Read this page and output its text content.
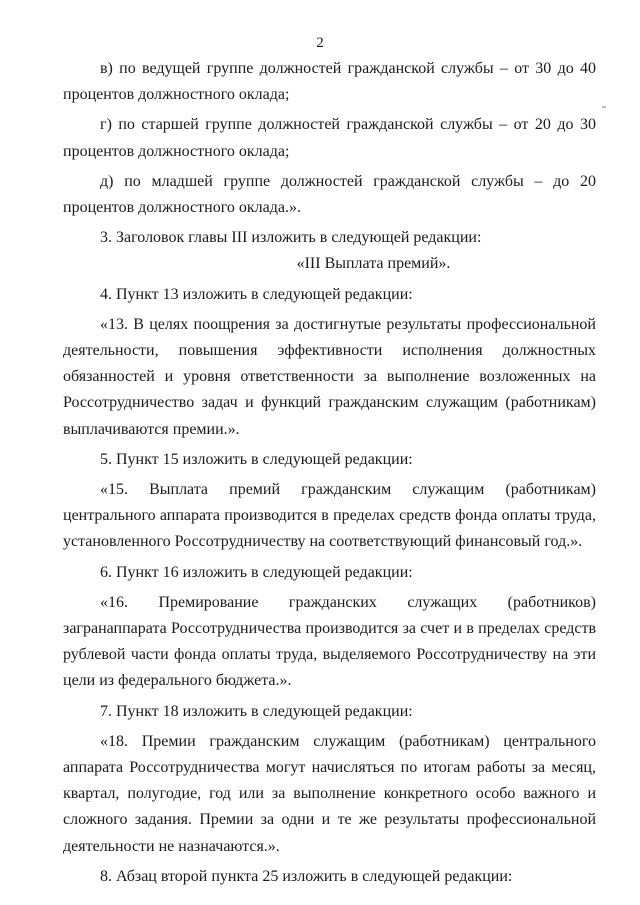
2

в) по ведущей группе должностей гражданской службы – от 30 до 40 процентов должностного оклада;

г) по старшей группе должностей гражданской службы – от 20 до 30 процентов должностного оклада;

д) по младшей группе должностей гражданской службы – до 20 процентов должностного оклада.».

3. Заголовок главы III изложить в следующей редакции:

«III Выплата премий».

4. Пункт 13 изложить в следующей редакции:

«13. В целях поощрения за достигнутые результаты профессиональной деятельности, повышения эффективности исполнения должностных обязанностей и уровня ответственности за выполнение возложенных на Россотрудничество задач и функций гражданским служащим (работникам) выплачиваются премии.».

5. Пункт 15 изложить в следующей редакции:

«15. Выплата премий гражданским служащим (работникам) центрального аппарата производится в пределах средств фонда оплаты труда, установленного Россотрудничеству на соответствующий финансовый год.».

6. Пункт 16 изложить в следующей редакции:

«16. Премирование гражданских служащих (работников) загранаппарата Россотрудничества производится за счет и в пределах средств рублевой части фонда оплаты труда, выделяемого Россотрудничеству на эти цели из федерального бюджета.».

7. Пункт 18 изложить в следующей редакции:

«18. Премии гражданским служащим (работникам) центрального аппарата Россотрудничества могут начисляться по итогам работы за месяц, квартал, полугодие, год или за выполнение конкретного особо важного и сложного задания. Премии за одни и те же результаты профессиональной деятельности не назначаются.».

8. Абзац второй пункта 25 изложить в следующей редакции:
